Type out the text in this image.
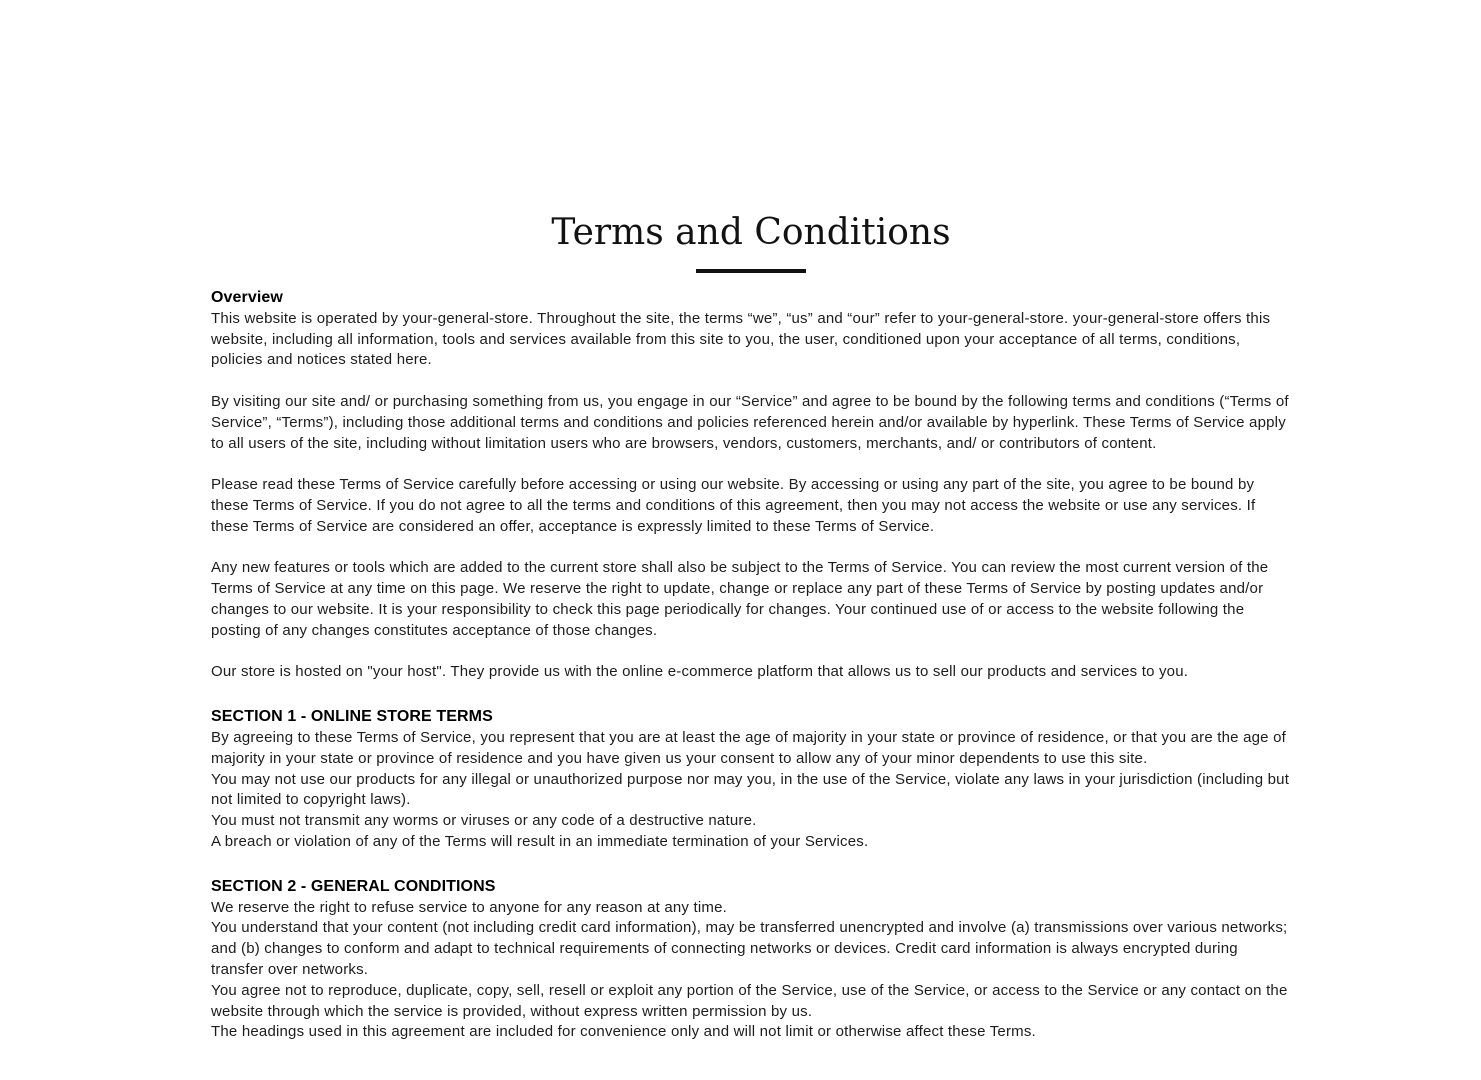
Terms and Conditions
Overview

This website is operated by your-general-store. Throughout the site, the terms “we”, “us” and “our” refer to your-general-store. your-general-store offers this website, including all information, tools and services available from this site to you, the user, conditioned upon your acceptance of all terms, conditions, policies and notices stated here.

By visiting our site and/ or purchasing something from us, you engage in our “Service” and agree to be bound by the following terms and conditions (“Terms of Service”, “Terms”), including those additional terms and conditions and policies referenced herein and/or available by hyperlink. These Terms of Service apply to all users of the site, including without limitation users who are browsers, vendors, customers, merchants, and/ or contributors of content.

Please read these Terms of Service carefully before accessing or using our website. By accessing or using any part of the site, you agree to be bound by these Terms of Service. If you do not agree to all the terms and conditions of this agreement, then you may not access the website or use any services. If these Terms of Service are considered an offer, acceptance is expressly limited to these Terms of Service.

Any new features or tools which are added to the current store shall also be subject to the Terms of Service. You can review the most current version of the Terms of Service at any time on this page. We reserve the right to update, change or replace any part of these Terms of Service by posting updates and/or changes to our website. It is your responsibility to check this page periodically for changes. Your continued use of or access to the website following the posting of any changes constitutes acceptance of those changes.

Our store is hosted on "your host". They provide us with the online e-commerce platform that allows us to sell our products and services to you.

SECTION 1 - ONLINE STORE TERMS

By agreeing to these Terms of Service, you represent that you are at least the age of majority in your state or province of residence, or that you are the age of majority in your state or province of residence and you have given us your consent to allow any of your minor dependents to use this site.
You may not use our products for any illegal or unauthorized purpose nor may you, in the use of the Service, violate any laws in your jurisdiction (including but not limited to copyright laws).
You must not transmit any worms or viruses or any code of a destructive nature.
A breach or violation of any of the Terms will result in an immediate termination of your Services.

SECTION 2 - GENERAL CONDITIONS

We reserve the right to refuse service to anyone for any reason at any time.
You understand that your content (not including credit card information), may be transferred unencrypted and involve (a) transmissions over various networks; and (b) changes to conform and adapt to technical requirements of connecting networks or devices. Credit card information is always encrypted during transfer over networks.
You agree not to reproduce, duplicate, copy, sell, resell or exploit any portion of the Service, use of the Service, or access to the Service or any contact on the website through which the service is provided, without express written permission by us.
The headings used in this agreement are included for convenience only and will not limit or otherwise affect these Terms.
